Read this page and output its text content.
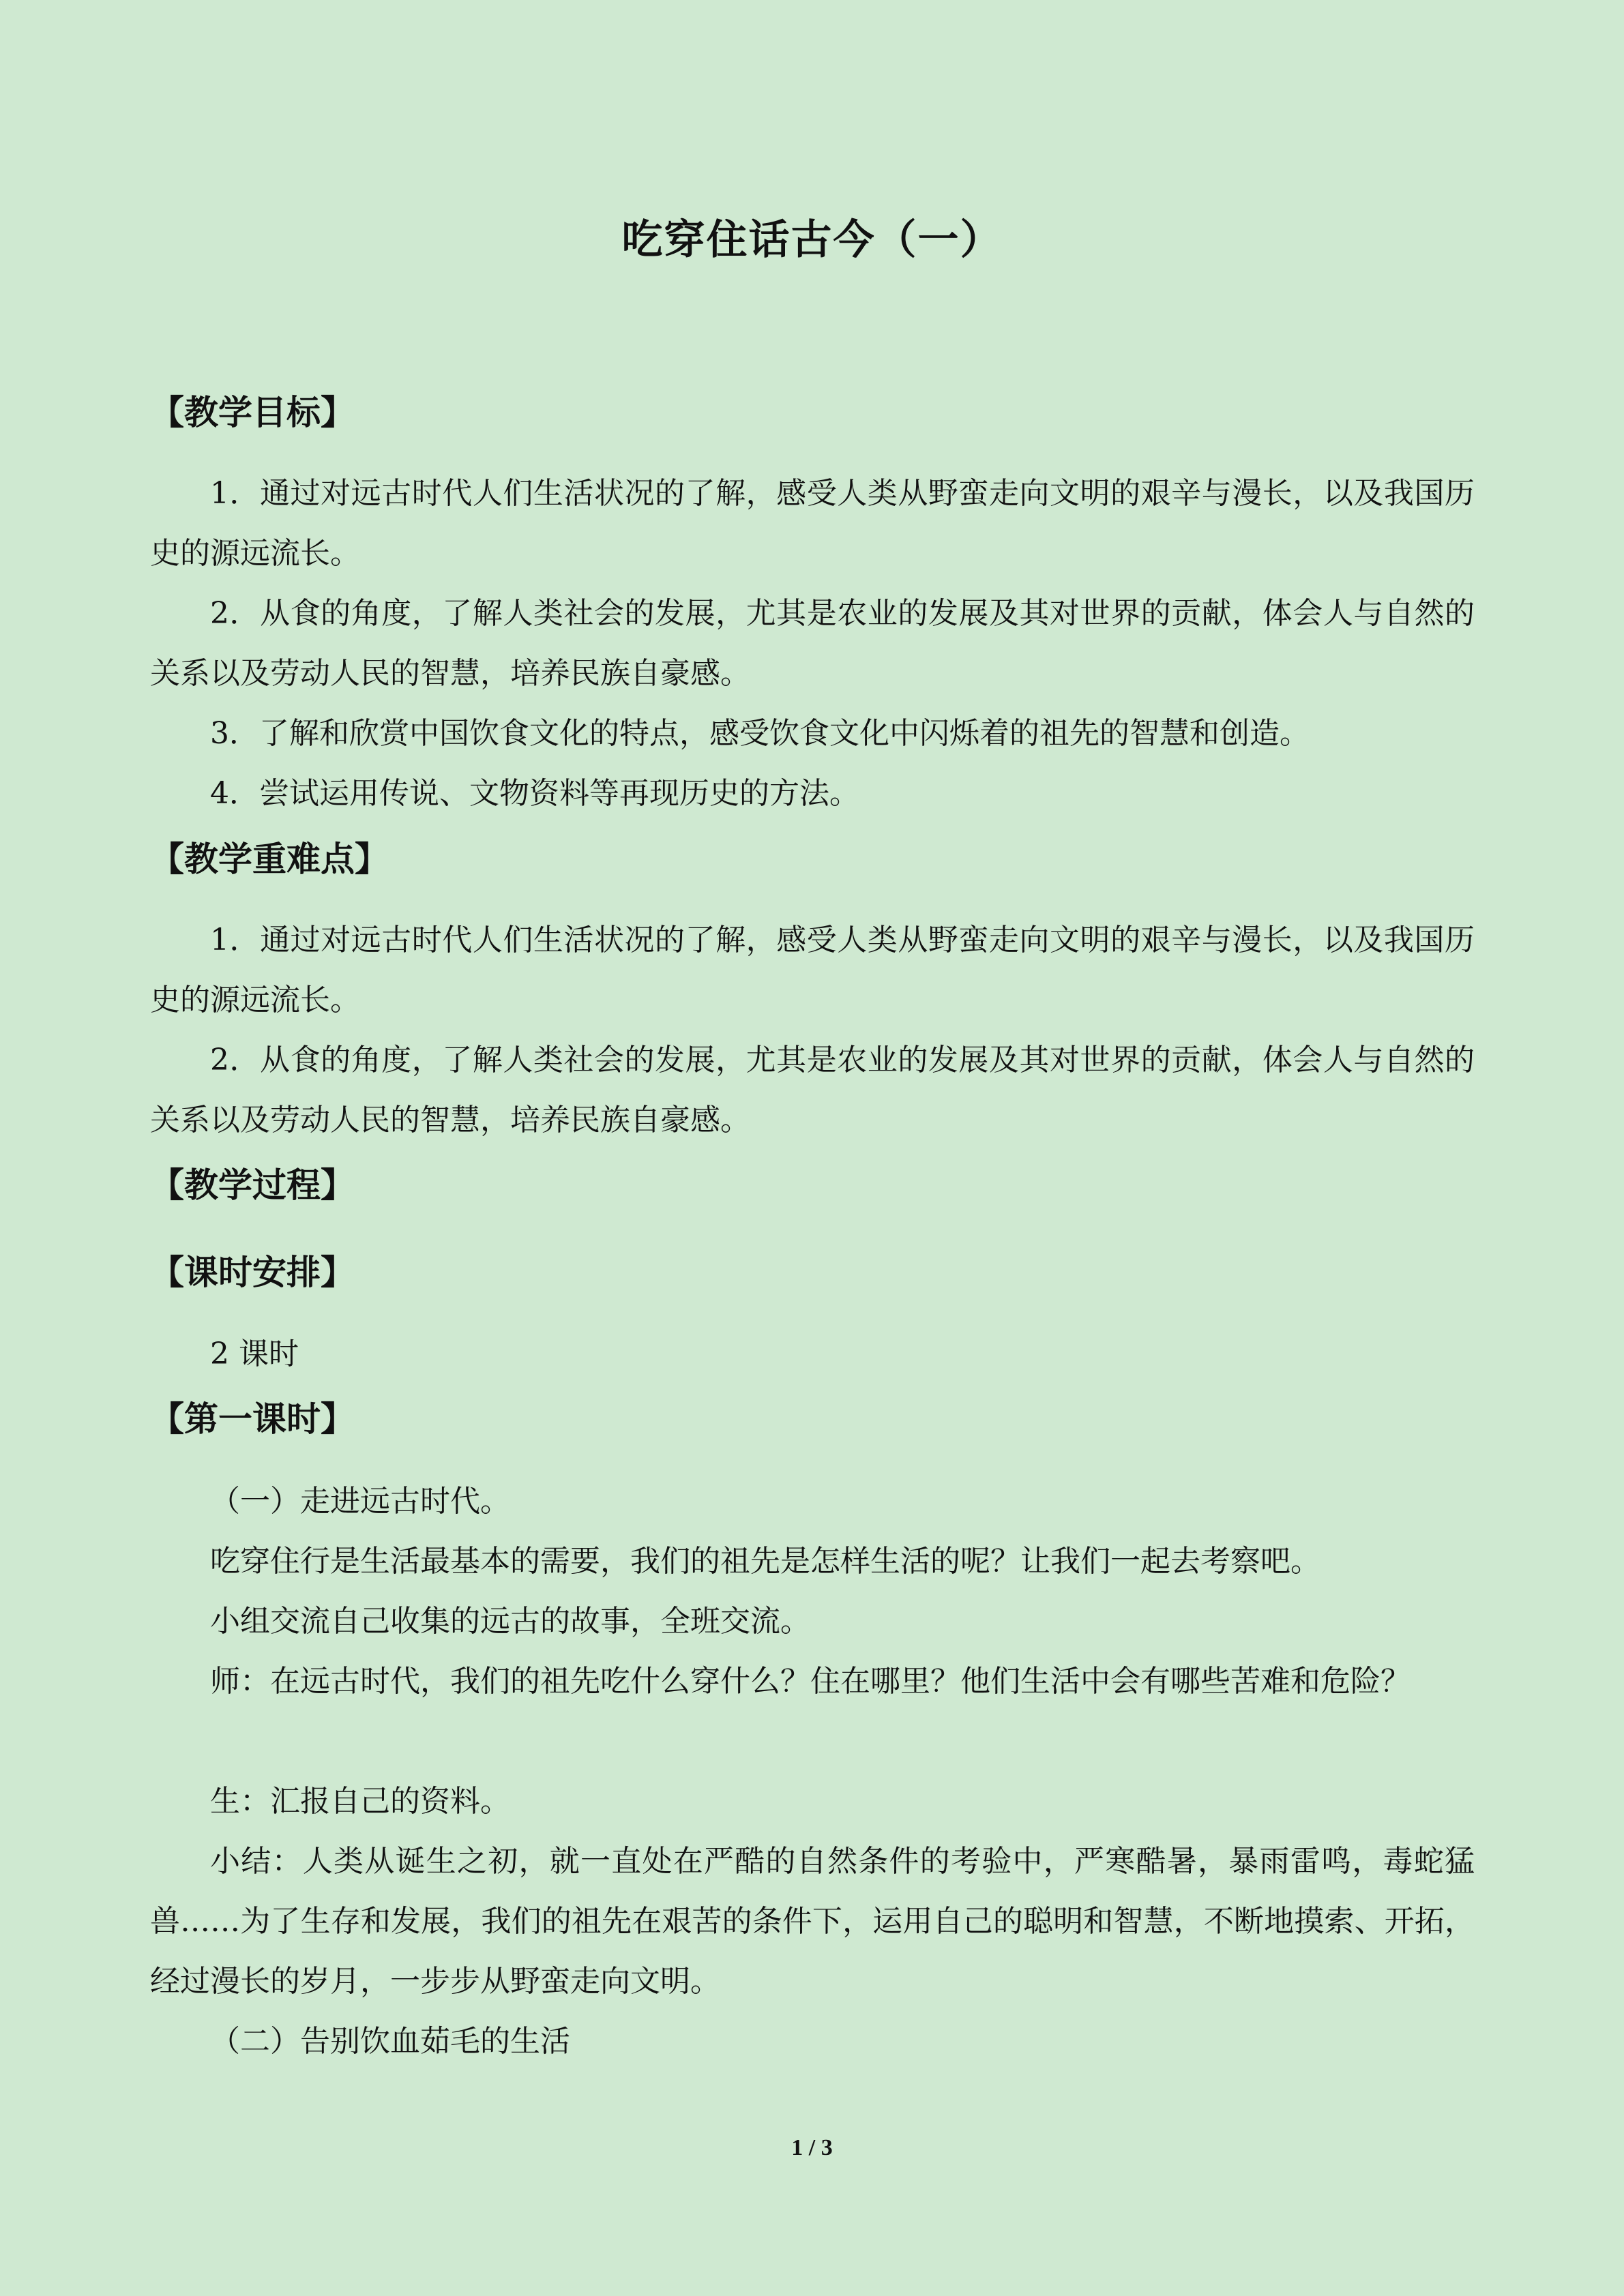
吃穿住话古今（一）
【教学目标】

1．通过对远古时代人们生活状况的了解，感受人类从野蛮走向文明的艰辛与漫长，以及我国历史的源远流长。

2．从食的角度，了解人类社会的发展，尤其是农业的发展及其对世界的贡献，体会人与自然的关系以及劳动人民的智慧，培养民族自豪感。

3．了解和欣赏中国饮食文化的特点，感受饮食文化中闪烁着的祖先的智慧和创造。

4．尝试运用传说、文物资料等再现历史的方法。

【教学重难点】

1．通过对远古时代人们生活状况的了解，感受人类从野蛮走向文明的艰辛与漫长，以及我国历史的源远流长。

2．从食的角度，了解人类社会的发展，尤其是农业的发展及其对世界的贡献，体会人与自然的关系以及劳动人民的智慧，培养民族自豪感。

【教学过程】
【课时安排】

2 课时

【第一课时】

（一）走进远古时代。

吃穿住行是生活最基本的需要，我们的祖先是怎样生活的呢？让我们一起去考察吧。

小组交流自己收集的远古的故事，全班交流。

师：在远古时代，我们的祖先吃什么穿什么？住在哪里？他们生活中会有哪些苦难和危险？

生：汇报自己的资料。

小结：人类从诞生之初，就一直处在严酷的自然条件的考验中，严寒酷暑，暴雨雷鸣，毒蛇猛兽……为了生存和发展，我们的祖先在艰苦的条件下，运用自己的聪明和智慧，不断地摸索、开拓，经过漫长的岁月，一步步从野蛮走向文明。

（二）告别饮血茹毛的生活

1 / 3
